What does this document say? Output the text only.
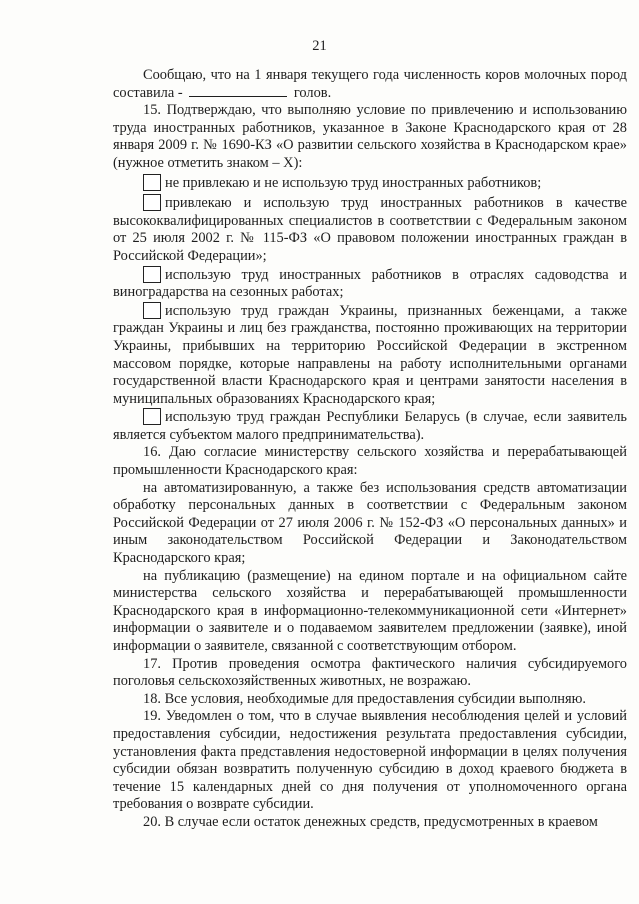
21

Сообщаю, что на 1 января текущего года численность коров молочных пород составила -	голов.

15. Подтверждаю, что выполняю условие по привлечению и использованию труда иностранных работников, указанное в Законе Краснодарского края от 28 января 2009 г. № 1690-КЗ «О развитии сельского хозяйства в Краснодарском крае» (нужное отметить знаком – Х):

не привлекаю и не использую труд иностранных работников;

привлекаю и использую труд иностранных работников в качестве высококвалифицированных специалистов в соответствии с Федеральным законом от 25 июля 2002 г. № 115-ФЗ «О правовом положении иностранных граждан в Российской Федерации»;

использую труд иностранных работников в отраслях садоводства и виноградарства на сезонных работах;

использую труд граждан Украины, признанных беженцами, а также граждан Украины и лиц без гражданства, постоянно проживающих на территории Украины, прибывших на территорию Российской Федерации в экстренном массовом порядке, которые направлены на работу исполнительными органами государственной власти Краснодарского края и центрами занятости населения в муниципальных образованиях Краснодарского края;

использую труд граждан Республики Беларусь (в случае, если заявитель является субъектом малого предпринимательства).

16. Даю согласие министерству сельского хозяйства и перерабатывающей промышленности Краснодарского края:

на автоматизированную, а также без использования средств автоматизации обработку персональных данных в соответствии с Федеральным законом Российской Федерации от 27 июля 2006 г. № 152-ФЗ «О персональных данных» и иным законодательством Российской Федерации и Законодательством Краснодарского края;

на публикацию (размещение) на едином портале и на официальном сайте министерства сельского хозяйства и перерабатывающей промышленности Краснодарского края в информационно-телекоммуникационной сети «Интернет» информации о заявителе и о подаваемом заявителем предложении (заявке), иной информации о заявителе, связанной с соответствующим отбором.

17. Против проведения осмотра фактического наличия субсидируемого поголовья сельскохозяйственных животных, не возражаю.

18. Все условия, необходимые для предоставления субсидии выполняю.

19. Уведомлен о том, что в случае выявления несоблюдения целей и условий предоставления субсидии, недостижения результата предоставления субсидии, установления факта представления недостоверной информации в целях получения субсидии обязан возвратить полученную субсидию в доход краевого бюджета в течение 15 календарных дней со дня получения от уполномоченного органа требования о возврате субсидии.

20. В случае если остаток денежных средств, предусмотренных в краевом
